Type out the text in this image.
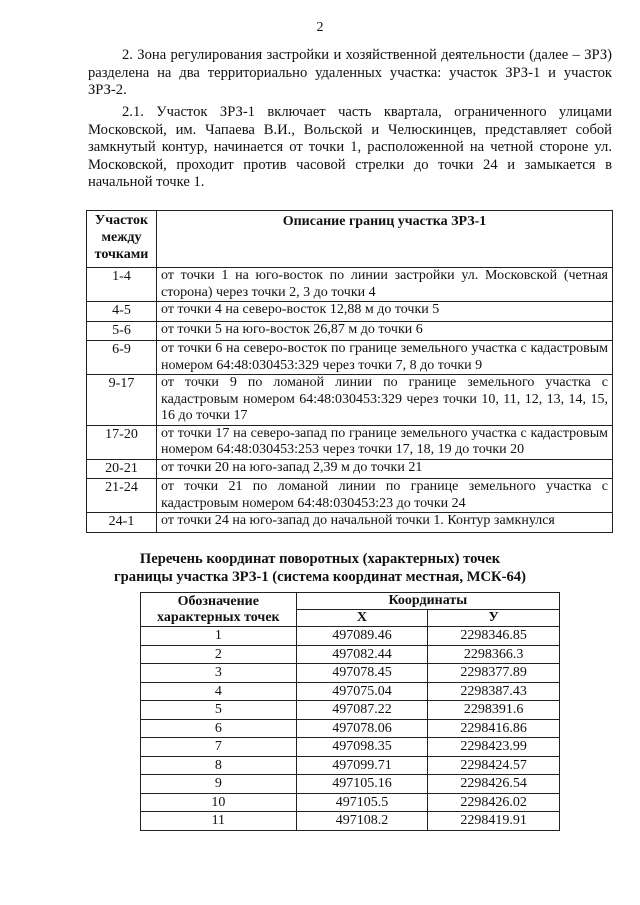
2

2. Зона регулирования застройки и хозяйственной деятельности (далее – ЗРЗ) разделена на два территориально удаленных участка: участок ЗРЗ-1 и участок ЗРЗ-2.

2.1. Участок ЗРЗ-1 включает часть квартала, ограниченного улицами Московской, им. Чапаева В.И., Вольской и Челюскинцев, представляет собой замкнутый контур, начинается от точки 1, расположенной на четной стороне ул. Московской, проходит против часовой стрелки до точки 24 и замыкается в начальной точке 1.

Участок между точками	Описание границ участка ЗРЗ-1
1-4	от точки 1 на юго-восток по линии застройки ул. Московской (четная сторона) через точки 2, 3 до точки 4
4-5	от точки 4 на северо-восток 12,88 м до точки 5
5-6	от точки 5 на юго-восток 26,87 м до точки 6
6-9	от точки 6 на северо-восток по границе земельного участка с кадастровым номером 64:48:030453:329 через точки 7, 8 до точки 9
9-17	от точки 9 по ломаной линии по границе земельного участка с кадастровым номером 64:48:030453:329 через точки 10, 11, 12, 13, 14, 15, 16 до точки 17
17-20	от точки 17 на северо-запад по границе земельного участка с кадастровым номером 64:48:030453:253 через точки 17, 18, 19 до точки 20
20-21	от точки 20 на юго-запад 2,39 м до точки 21
21-24	от точки 21 по ломаной линии по границе земельного участка с кадастровым номером 64:48:030453:23 до точки 24
24-1	от точки 24 на юго-запад до начальной точки 1. Контур замкнулся
Перечень координат поворотных (характерных) точек
границы участка ЗРЗ-1 (система координат местная, МСК-64)
Обозначение характерных точек	Координаты	
	X	У
1	497089.46	2298346.85
2	497082.44	2298366.3
3	497078.45	2298377.89
4	497075.04	2298387.43
5	497087.22	2298391.6
6	497078.06	2298416.86
7	497098.35	2298423.99
8	497099.71	2298424.57
9	497105.16	2298426.54
10	497105.5	2298426.02
11	497108.2	2298419.91
